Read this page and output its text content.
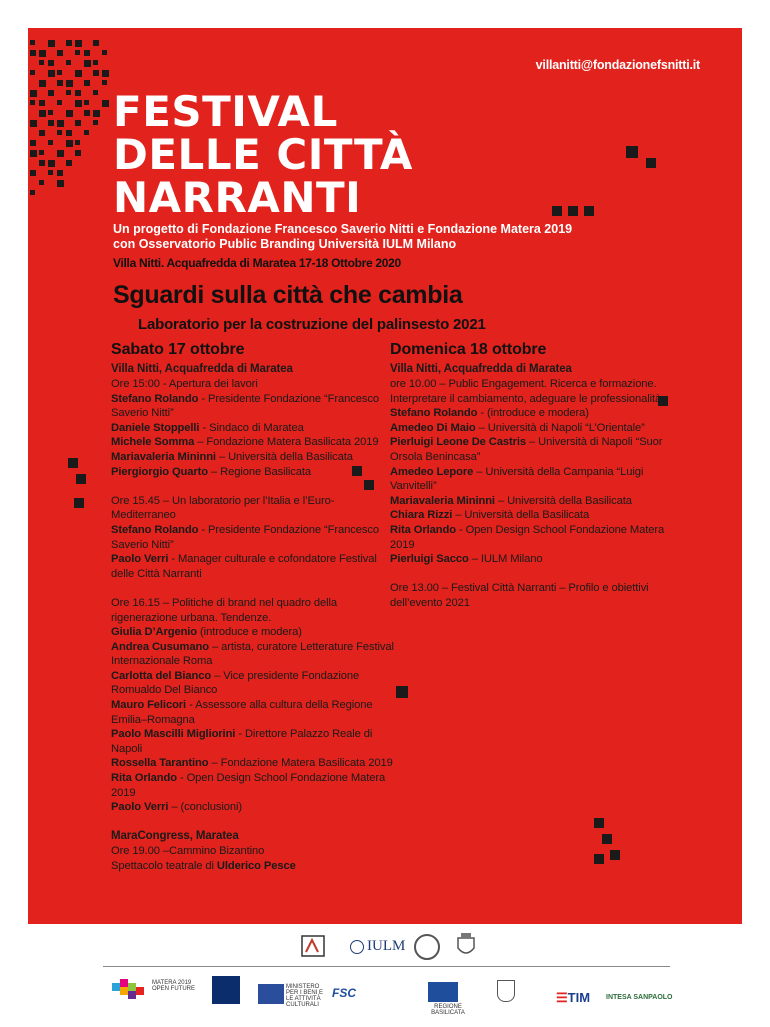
villanitti@fondazionefsnitti.it
FESTIVAL
DELLE CITTÀ
NARRANTI
Un progetto di Fondazione Francesco Saverio Nitti e Fondazione Matera 2019
con Osservatorio Public Branding Università IULM Milano
Villa Nitti. Acquafredda di Maratea 17-18 Ottobre 2020
Sguardi sulla città che cambia
Laboratorio per la costruzione del palinsesto 2021
Sabato 17 ottobre
Villa Nitti, Acquafredda di Maratea
Ore 15:00 - Apertura dei lavori
Stefano Rolando - Presidente Fondazione “Francesco Saverio Nitti”
Daniele Stoppelli - Sindaco di Maratea
Michele Somma – Fondazione Matera Basilicata 2019
Mariavaleria Mininni – Università della Basilicata
Piergiorgio Quarto – Regione Basilicata
Ore 15.45 – Un laboratorio per l’Italia e l’Euro-Mediterraneo
Stefano Rolando - Presidente Fondazione “Francesco Saverio Nitti”
Paolo Verri - Manager culturale e cofondatore Festival delle Città Narranti
Ore 16.15 – Politiche di brand nel quadro della rigenerazione urbana. Tendenze.
Giulia D’Argenio (introduce e modera)
Andrea Cusumano – artista, curatore Letterature Festival Internazionale Roma
Carlotta del Bianco – Vice presidente Fondazione Romualdo Del Bianco
Mauro Felicori - Assessore alla cultura della Regione Emilia–Romagna
Paolo Mascilli Migliorini - Direttore Palazzo Reale di Napoli
Rossella Tarantino – Fondazione Matera Basilicata 2019
Rita Orlando - Open Design School Fondazione Matera 2019
Paolo Verri – (conclusioni)
MaraCongress, Maratea
Ore 19.00 –Cammino Bizantino
Spettacolo teatrale di Ulderico Pesce
Domenica 18 ottobre
Villa Nitti, Acquafredda di Maratea
ore 10.00 – Public Engagement. Ricerca e formazione. Interpretare il cambiamento, adeguare le professionalità
Stefano Rolando - (introduce e modera)
Amedeo Di Maio – Università di Napoli “L’Orientale”
Pierluigi Leone De Castris – Università di Napoli “Suor Orsola Benincasa”
Amedeo Lepore – Università della Campania “Luigi Vanvitelli”
Mariavaleria Mininni – Università della Basilicata
Chiara Rizzi – Università della Basilicata
Rita Orlando - Open Design School Fondazione Matera 2019
Pierluigi Sacco – IULM Milano
Ore 13.00 – Festival Città Narranti – Profilo e obiettivi dell’evento 2021
IULM
MATERA 2019 OPEN FUTURE	MINISTERO PER I BENI E LE ATTIVITÀ CULTURALI
FSC
REGIONE BASILICATA
☰TIM INTESA SANPAOLO
